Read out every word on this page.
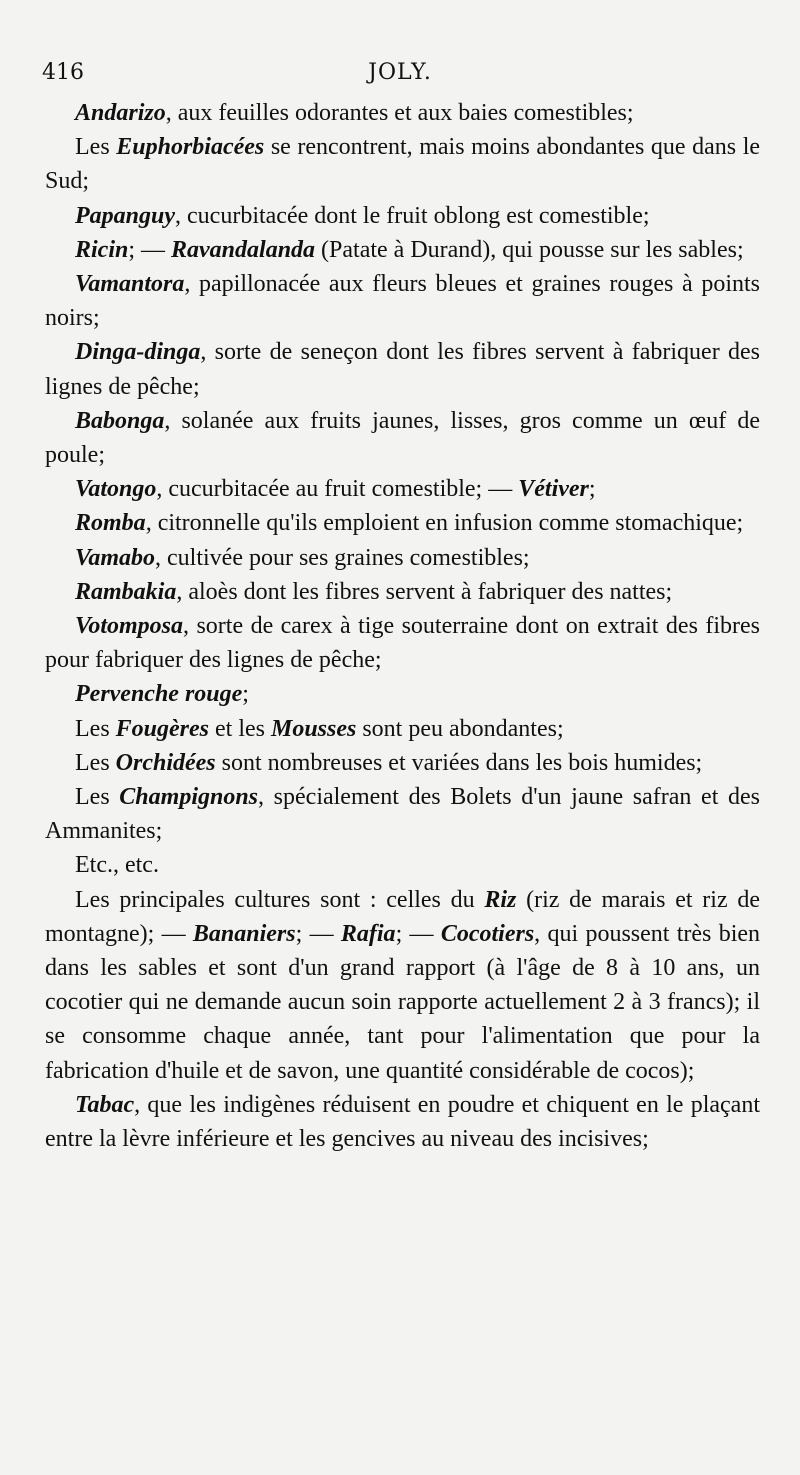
416	JOLY.

Andarizo, aux feuilles odorantes et aux baies comestibles;

Les Euphorbiacées se rencontrent, mais moins abondantes que dans le Sud;

Papanguy, cucurbitacée dont le fruit oblong est comestible;

Ricin; — Ravandalanda (Patate à Durand), qui pousse sur les sables;

Vamantora, papillonacée aux fleurs bleues et graines rouges à points noirs;

Dinga-dinga, sorte de seneçon dont les fibres servent à fabriquer des lignes de pêche;

Babonga, solanée aux fruits jaunes, lisses, gros comme un œuf de poule;

Vatongo, cucurbitacée au fruit comestible; — Vétiver;

Romba, citronnelle qu'ils emploient en infusion comme stomachique;

Vamabo, cultivée pour ses graines comestibles;

Rambakia, aloès dont les fibres servent à fabriquer des nattes;

Votomposa, sorte de carex à tige souterraine dont on extrait des fibres pour fabriquer des lignes de pêche;

Pervenche rouge;

Les Fougères et les Mousses sont peu abondantes;

Les Orchidées sont nombreuses et variées dans les bois humides;

Les Champignons, spécialement des Bolets d'un jaune safran et des Ammanites;

Etc., etc.

Les principales cultures sont : celles du Riz (riz de marais et riz de montagne); — Bananiers; — Rafia; — Cocotiers, qui poussent très bien dans les sables et sont d'un grand rapport (à l'âge de 8 à 10 ans, un cocotier qui ne demande aucun soin rapporte actuellement 2 à 3 francs); il se consomme chaque année, tant pour l'alimentation que pour la fabrication d'huile et de savon, une quantité considérable de cocos);

Tabac, que les indigènes réduisent en poudre et chiquent en le plaçant entre la lèvre inférieure et les gencives au niveau des incisives;
